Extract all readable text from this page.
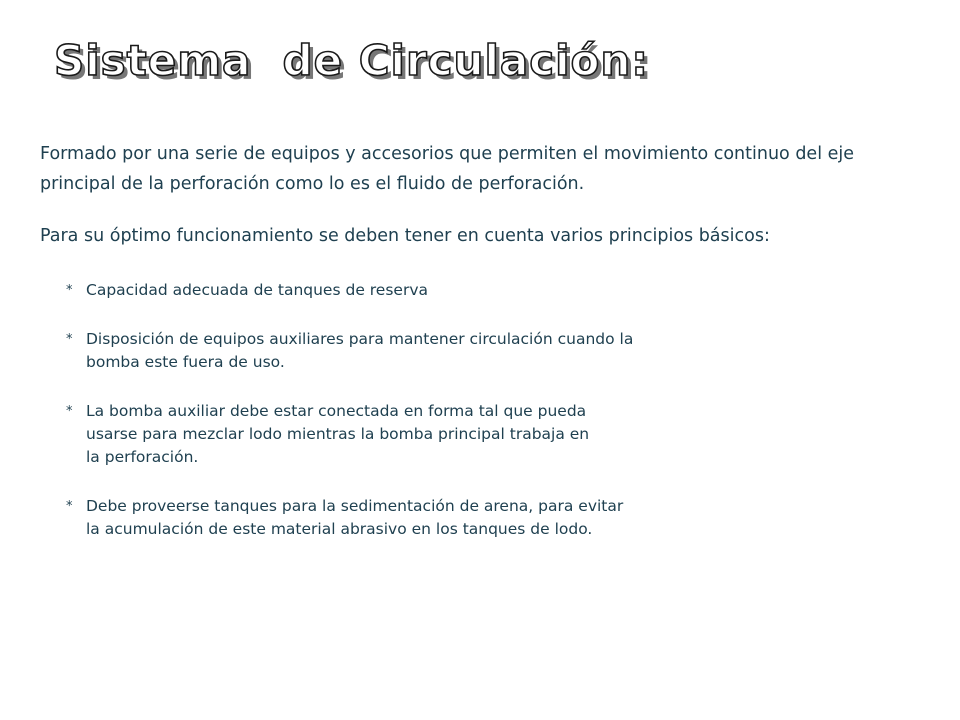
Sistema  de Circulación:

Formado por una serie de equipos y accesorios que permiten el movimiento continuo del eje principal de la perforación como lo es el fluido de perforación.

Para su óptimo funcionamiento se deben tener en cuenta varios principios básicos:

* Capacidad adecuada de tanques de reserva
* Disposición de equipos auxiliares para mantener circulación cuando la
bomba este fuera de uso.
* La bomba auxiliar debe estar conectada en forma tal que pueda
usarse para mezclar lodo mientras la bomba principal trabaja en
la perforación.
* Debe proveerse tanques para la sedimentación de arena, para evitar
la acumulación de este material abrasivo en los tanques de lodo.
